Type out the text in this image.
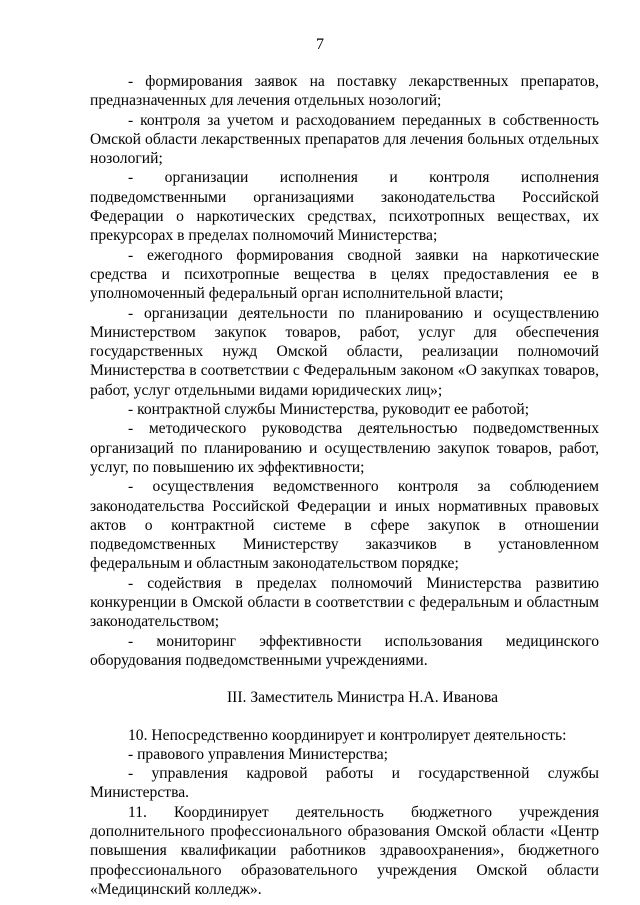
7

- формирования заявок на поставку лекарственных препаратов, предназначенных для лечения отдельных нозологий;

- контроля за учетом и расходованием переданных в собственность Омской области лекарственных препаратов для лечения больных отдельных нозологий;

- организации исполнения и контроля исполнения подведомственными организациями законодательства Российской Федерации о наркотических средствах, психотропных веществах, их прекурсорах в пределах полномочий Министерства;

- ежегодного формирования сводной заявки на наркотические средства и психотропные вещества в целях предоставления ее в уполномоченный федеральный орган исполнительной власти;

- организации деятельности по планированию и осуществлению Министерством закупок товаров, работ, услуг для обеспечения государственных нужд Омской области, реализации полномочий Министерства в соответствии с Федеральным законом «О закупках товаров, работ, услуг отдельными видами юридических лиц»;

- контрактной службы Министерства, руководит ее работой;

- методического руководства деятельностью подведомственных организаций по планированию и осуществлению закупок товаров, работ, услуг, по повышению их эффективности;

- осуществления ведомственного контроля за соблюдением законодательства Российской Федерации и иных нормативных правовых актов о контрактной системе в сфере закупок в отношении подведомственных Министерству заказчиков в установленном федеральным и областным законодательством порядке;

- содействия в пределах полномочий Министерства развитию конкуренции в Омской области в соответствии с федеральным и областным законодательством;

- мониторинг эффективности использования медицинского оборудования подведомственными учреждениями.

III. Заместитель Министра Н.А. Иванова

10. Непосредственно координирует и контролирует деятельность:

- правового управления Министерства;

- управления кадровой работы и государственной службы Министерства.

11. Координирует деятельность бюджетного учреждения дополнительного профессионального образования Омской области «Центр повышения квалификации работников здравоохранения», бюджетного профессионального образовательного учреждения Омской области «Медицинский колледж».
